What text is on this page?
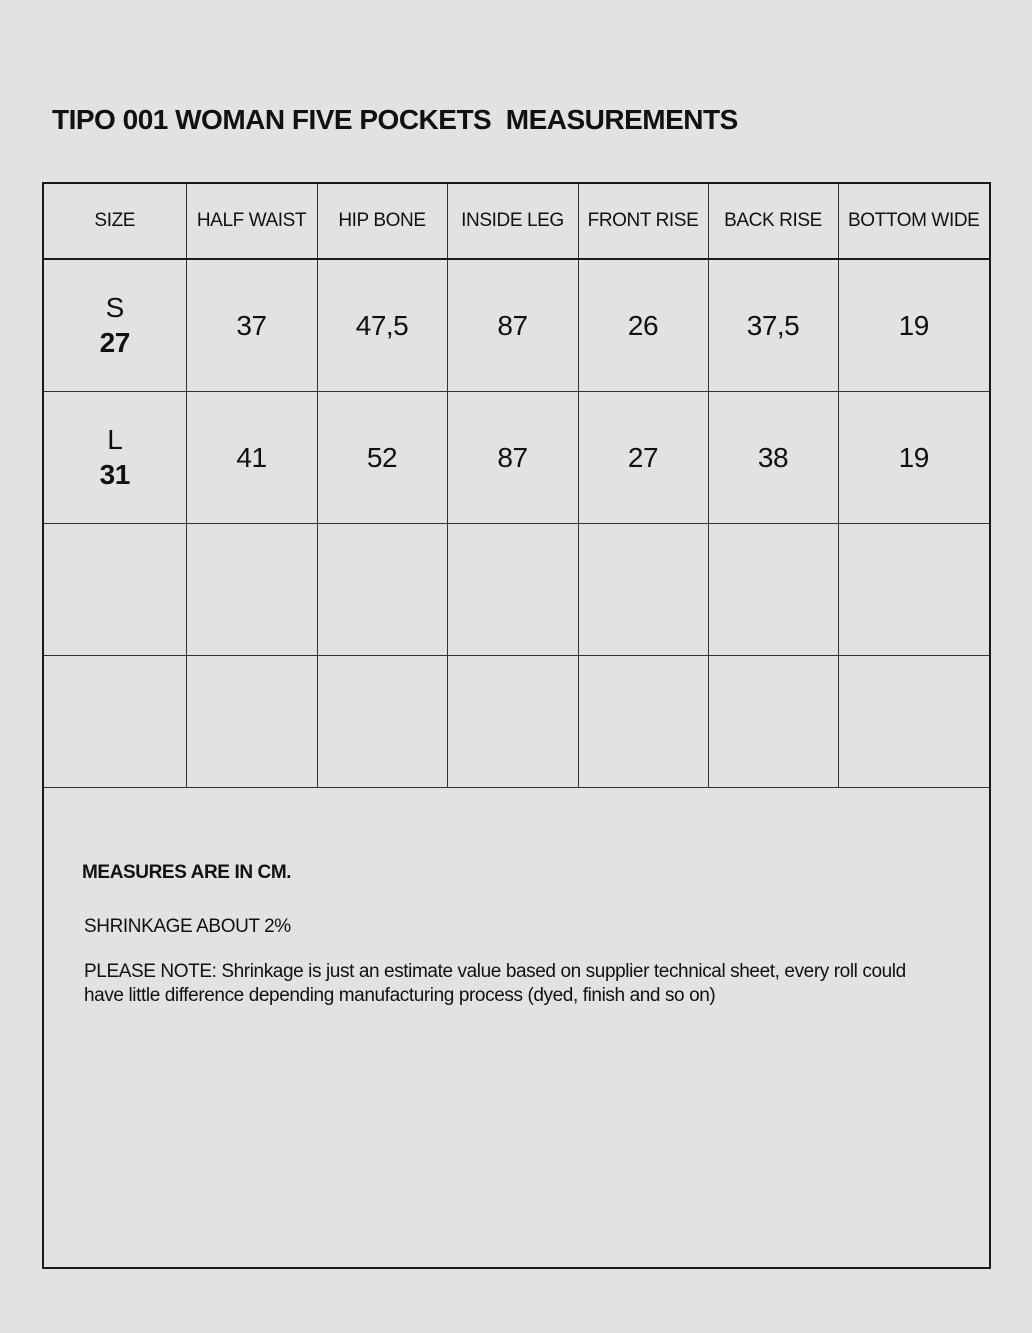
TIPO 001 WOMAN FIVE POCKETS  MEASUREMENTS
SIZE	HALF WAIST	HIP BONE	INSIDE LEG	FRONT RISE	BACK RISE	BOTTOM WIDE

S
27	37	47,5	87	26	37,5	19

L
31	41	52	87	27	38	19

MEASURES ARE IN CM.

SHRINKAGE ABOUT 2%

PLEASE NOTE: Shrinkage is just an estimate value based on supplier technical sheet, every roll could have little difference depending manufacturing process (dyed, finish and so on)
